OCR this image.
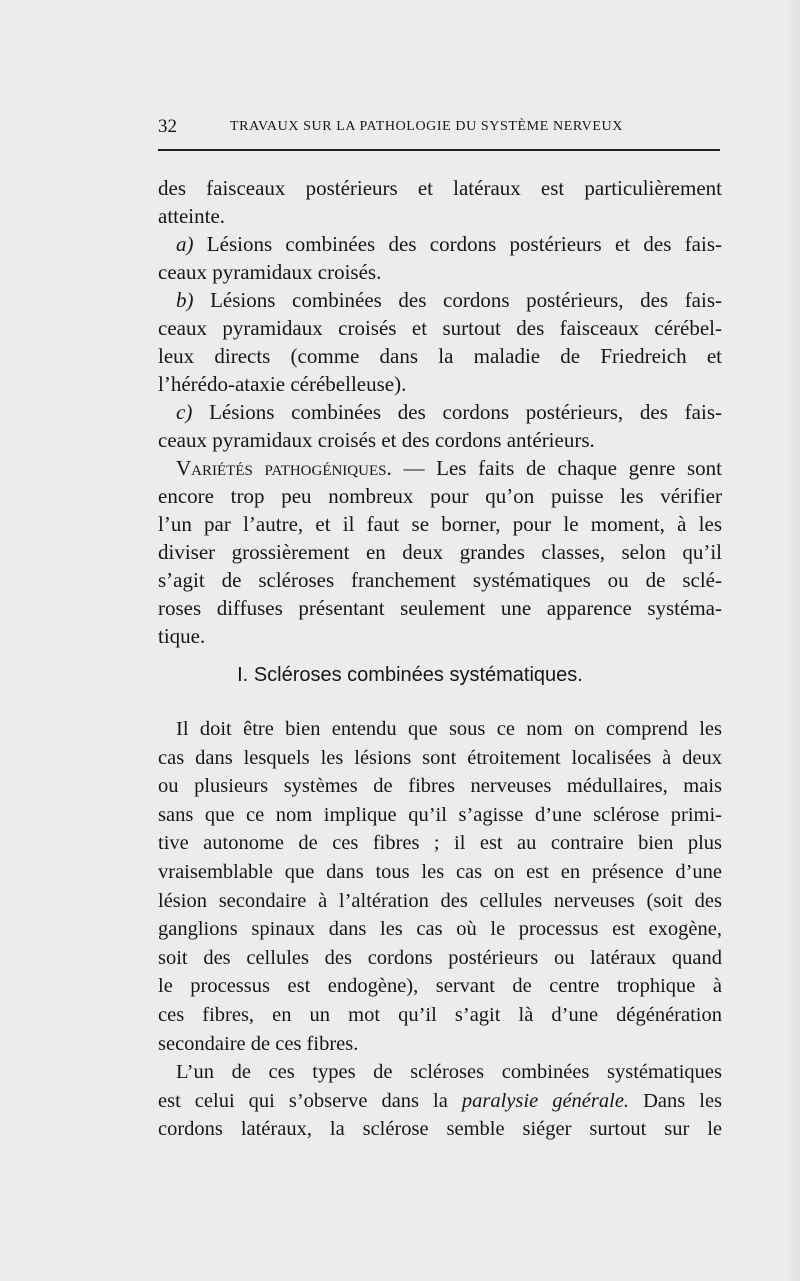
32	TRAVAUX SUR LA PATHOLOGIE DU SYSTÈME NERVEUX
des faisceaux postérieurs et latéraux est particulièrement
atteinte.
a) Lésions combinées des cordons postérieurs et des fais-
ceaux pyramidaux croisés.
b) Lésions combinées des cordons postérieurs, des fais-
ceaux pyramidaux croisés et surtout des faisceaux cérébel-
leux directs (comme dans la maladie de Friedreich et
l’hérédo-ataxie cérébelleuse).
c) Lésions combinées des cordons postérieurs, des fais-
ceaux pyramidaux croisés et des cordons antérieurs.
Variétés pathogéniques. — Les faits de chaque genre sont
encore trop peu nombreux pour qu’on puisse les vérifier
l’un par l’autre, et il faut se borner, pour le moment, à les
diviser grossièrement en deux grandes classes, selon qu’il
s’agit de scléroses franchement systématiques ou de sclé-
roses diffuses présentant seulement une apparence systéma-
tique.
I. Scléroses combinées systématiques.
Il doit être bien entendu que sous ce nom on comprend les
cas dans lesquels les lésions sont étroitement localisées à deux
ou plusieurs systèmes de fibres nerveuses médullaires, mais
sans que ce nom implique qu’il s’agisse d’une sclérose primi-
tive autonome de ces fibres ; il est au contraire bien plus
vraisemblable que dans tous les cas on est en présence d’une
lésion secondaire à l’altération des cellules nerveuses (soit des
ganglions spinaux dans les cas où le processus est exogène,
soit des cellules des cordons postérieurs ou latéraux quand
le processus est endogène), servant de centre trophique à
ces fibres, en un mot qu’il s’agit là d’une dégénération
secondaire de ces fibres.
L’un de ces types de scléroses combinées systématiques
est celui qui s’observe dans la paralysie générale. Dans les
cordons latéraux, la sclérose semble siéger surtout sur le
